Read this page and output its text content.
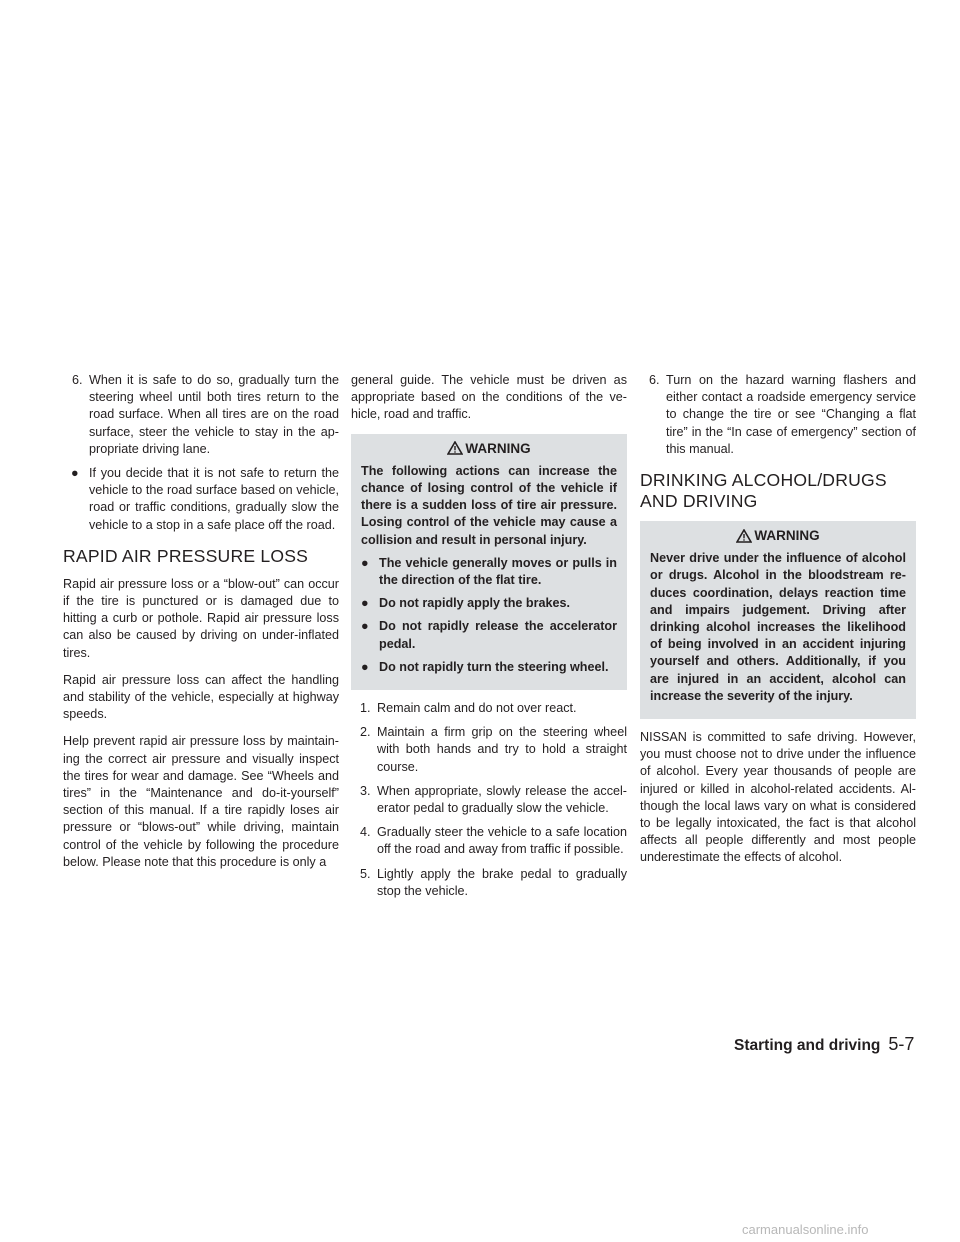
6. When it is safe to do so, gradually turn the steering wheel until both tires return to the road surface. When all tires are on the road surface, steer the vehicle to stay in the ap-propriate driving lane.
● If you decide that it is not safe to return the vehicle to the road surface based on vehicle, road or traffic conditions, gradually slow the vehicle to a stop in a safe place off the road.
RAPID AIR PRESSURE LOSS

Rapid air pressure loss or a “blow-out” can occur if the tire is punctured or is damaged due to hitting a curb or pothole. Rapid air pressure loss can also be caused by driving on under-inflated tires.

Rapid air pressure loss can affect the handling and stability of the vehicle, especially at highway speeds.

Help prevent rapid air pressure loss by maintain-ing the correct air pressure and visually inspect the tires for wear and damage. See “Wheels and tires” in the “Maintenance and do-it-yourself” section of this manual. If a tire rapidly loses air pressure or “blows-out” while driving, maintain control of the vehicle by following the procedure below. Please note that this procedure is only a

general guide. The vehicle must be driven as appropriate based on the conditions of the ve-hicle, road and traffic.

WARNING

The following actions can increase the chance of losing control of the vehicle if there is a sudden loss of tire air pressure. Losing control of the vehicle may cause a collision and result in personal injury.

● The vehicle generally moves or pulls in the direction of the flat tire.
● Do not rapidly apply the brakes.
● Do not rapidly release the accelerator pedal.
● Do not rapidly turn the steering wheel.
1. Remain calm and do not over react.
2. Maintain a firm grip on the steering wheel with both hands and try to hold a straight course.
3. When appropriate, slowly release the accel-erator pedal to gradually slow the vehicle.
4. Gradually steer the vehicle to a safe location off the road and away from traffic if possible.
5. Lightly apply the brake pedal to gradually stop the vehicle.
6. Turn on the hazard warning flashers and either contact a roadside emergency service to change the tire or see “Changing a flat tire” in the “In case of emergency” section of this manual.
DRINKING ALCOHOL/DRUGS AND DRIVING
WARNING

Never drive under the influence of alcohol or drugs. Alcohol in the bloodstream re-duces coordination, delays reaction time and impairs judgement. Driving after drinking alcohol increases the likelihood of being involved in an accident injuring yourself and others. Additionally, if you are injured in an accident, alcohol can increase the severity of the injury.

NISSAN is committed to safe driving. However, you must choose not to drive under the influence of alcohol. Every year thousands of people are injured or killed in alcohol-related accidents. Al-though the local laws vary on what is considered to be legally intoxicated, the fact is that alcohol affects all people differently and most people underestimate the effects of alcohol.

Starting and driving 5-7
carmanualsonline.info
